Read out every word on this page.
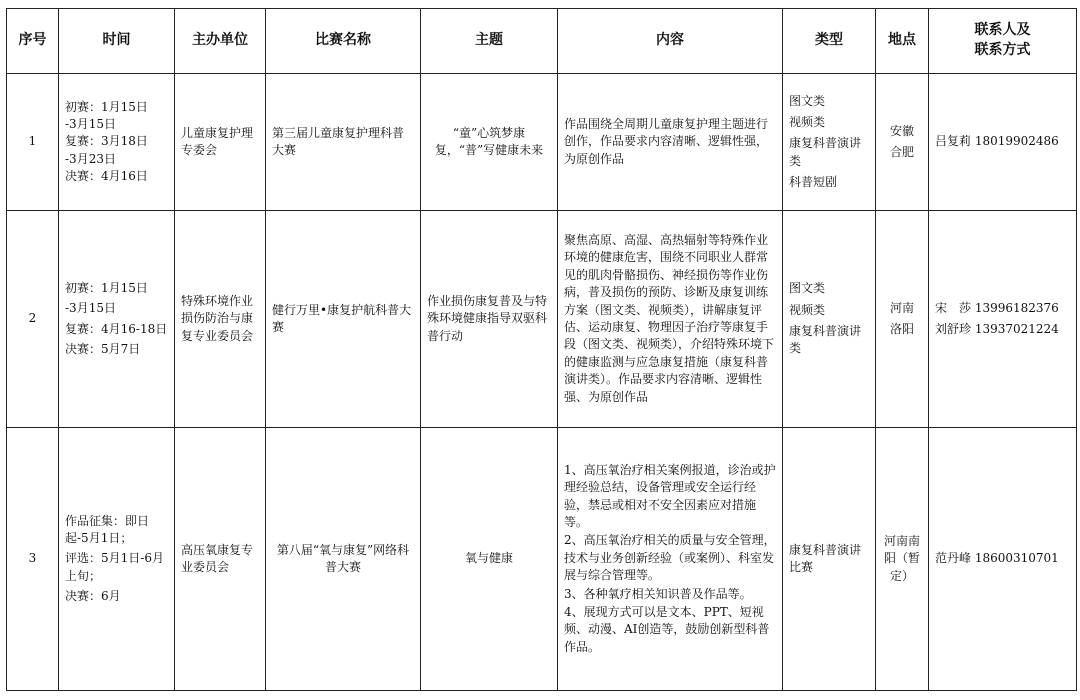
序号	时间	主办单位	比赛名称	主题	内容	类型	地点	联系人及
联系方式

1	初赛：1月15日
-3月15日
复赛：3月18日
-3月23日
决赛：4月16日	儿童康复护理专委会	第三届儿童康复护理科普大赛	“童”心筑梦康复，“普”写健康未来	作品围绕全周期儿童康复护理主题进行创作，作品要求内容清晰、逻辑性强，为原创作品	图文类
视频类
康复科普演讲类
科普短剧	安徽
合肥	吕复莉 18019902486

2	初赛：1月15日
-3月15日
复赛：4月16-18日
决赛：5月7日	特殊环境作业损伤防治与康复专业委员会	健行万里•康复护航科普大赛	作业损伤康复普及与特殊环境健康指导双驱科普行动	聚焦高原、高湿、高热辐射等特殊作业环境的健康危害，围绕不同职业人群常见的肌肉骨骼损伤、神经损伤等作业伤病，普及损伤的预防、诊断及康复训练方案（图文类、视频类），讲解康复评估、运动康复、物理因子治疗等康复手段（图文类、视频类），介绍特殊环境下的健康监测与应急康复措施（康复科普演讲类）。作品要求内容清晰、逻辑性强、为原创作品	图文类
视频类
康复科普演讲类	河南
洛阳	宋　莎 13996182376
刘舒珍 13937021224

3	作品征集：即日起-5月1日；
评选：5月1日-6月上旬；
决赛：6月	高压氧康复专业委员会	第八届“氧与康复”网络科普大赛	氧与健康	1、高压氧治疗相关案例报道，诊治或护理经验总结，设备管理或安全运行经验，禁忌或相对不安全因素应对措施等。
2、高压氧治疗相关的质量与安全管理，技术与业务创新经验（或案例）、科室发展与综合管理等。
3、各种氧疗相关知识普及作品等。
4、展现方式可以是文本、PPT、短视频、动漫、AI创造等，鼓励创新型科普作品。	康复科普演讲比赛	河南南阳（暂定）	范丹峰 18600310701
